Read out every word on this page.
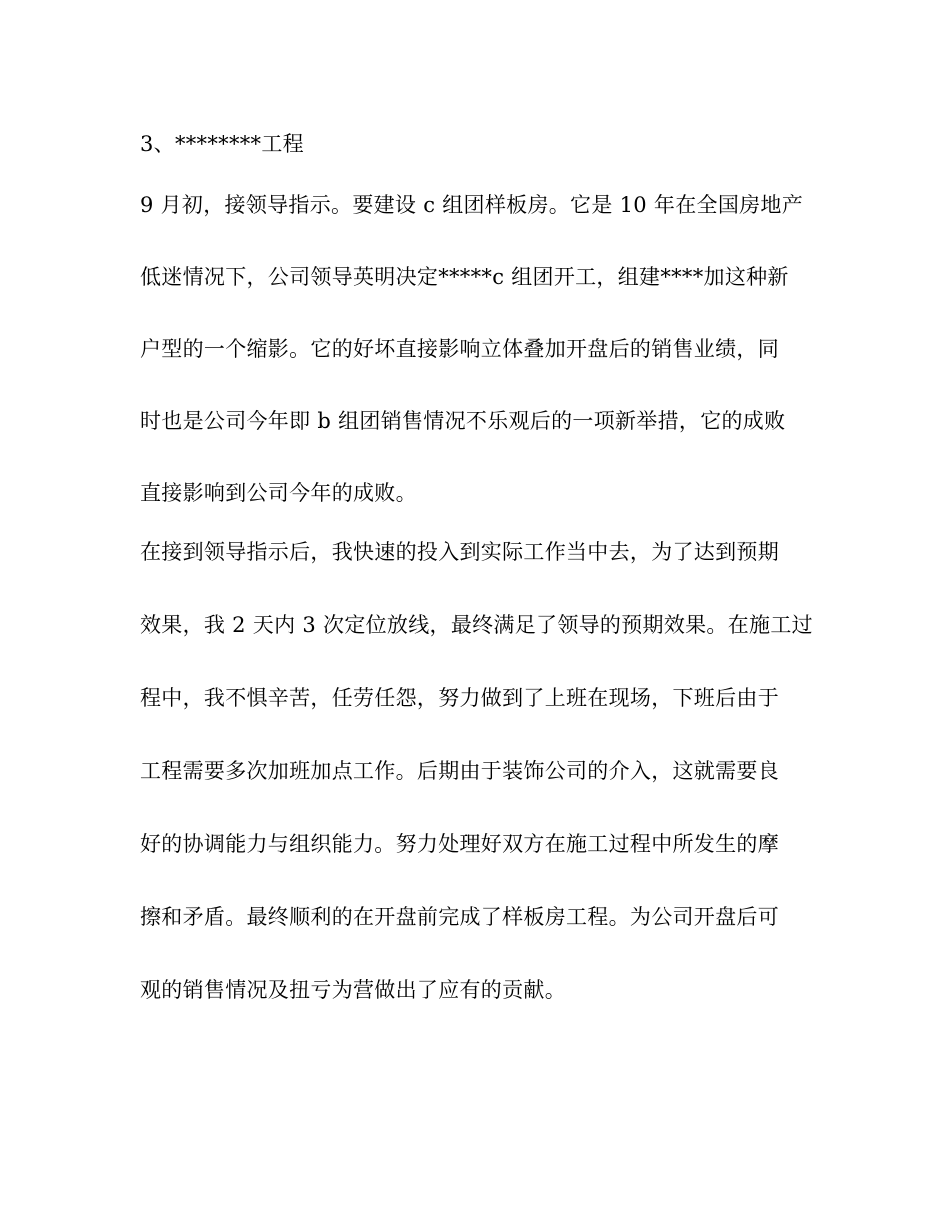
3、********工程
9 月初，接领导指示。要建设 c 组团样板房。它是 10 年在全国房地产
低迷情况下，公司领导英明决定*****c 组团开工，组建****加这种新
户型的一个缩影。它的好坏直接影响立体叠加开盘后的销售业绩，同
时也是公司今年即 b 组团销售情况不乐观后的一项新举措，它的成败
直接影响到公司今年的成败。
在接到领导指示后，我快速的投入到实际工作当中去，为了达到预期
效果，我 2 天内 3 次定位放线，最终满足了领导的预期效果。在施工过
程中，我不惧辛苦，任劳任怨，努力做到了上班在现场，下班后由于
工程需要多次加班加点工作。后期由于装饰公司的介入，这就需要良
好的协调能力与组织能力。努力处理好双方在施工过程中所发生的摩
擦和矛盾。最终顺利的在开盘前完成了样板房工程。为公司开盘后可
观的销售情况及扭亏为营做出了应有的贡献。
